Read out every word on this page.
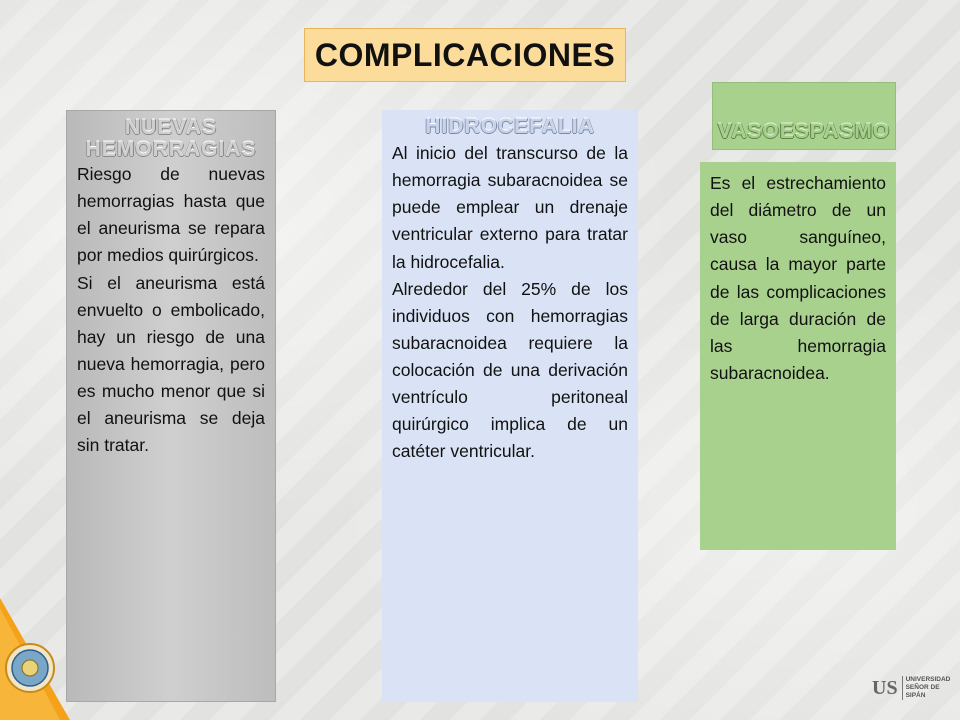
COMPLICACIONES
NUEVAS HEMORRAGIAS

Riesgo de nuevas hemorragias hasta que el aneurisma se repara por medios quirúrgicos.

Si el aneurisma está envuelto o embolicado, hay un riesgo de una nueva hemorragia, pero es mucho menor que si el aneurisma se deja sin tratar.

HIDROCEFALIA

Al inicio del transcurso de la hemorragia subaracnoidea se puede emplear un drenaje ventricular externo para tratar la hidrocefalia.

Alrededor del 25% de los individuos con hemorragias subaracnoidea requiere la colocación de una derivación ventrículo peritoneal quirúrgico implica de un catéter ventricular.

VASOESPASMO

Es el estrechamiento del diámetro de un vaso sanguíneo, causa la mayor parte de las complicaciones de larga duración de las hemorragia subaracnoidea.

US	UNIVERSIDAD
SEÑOR DE SIPÁN
